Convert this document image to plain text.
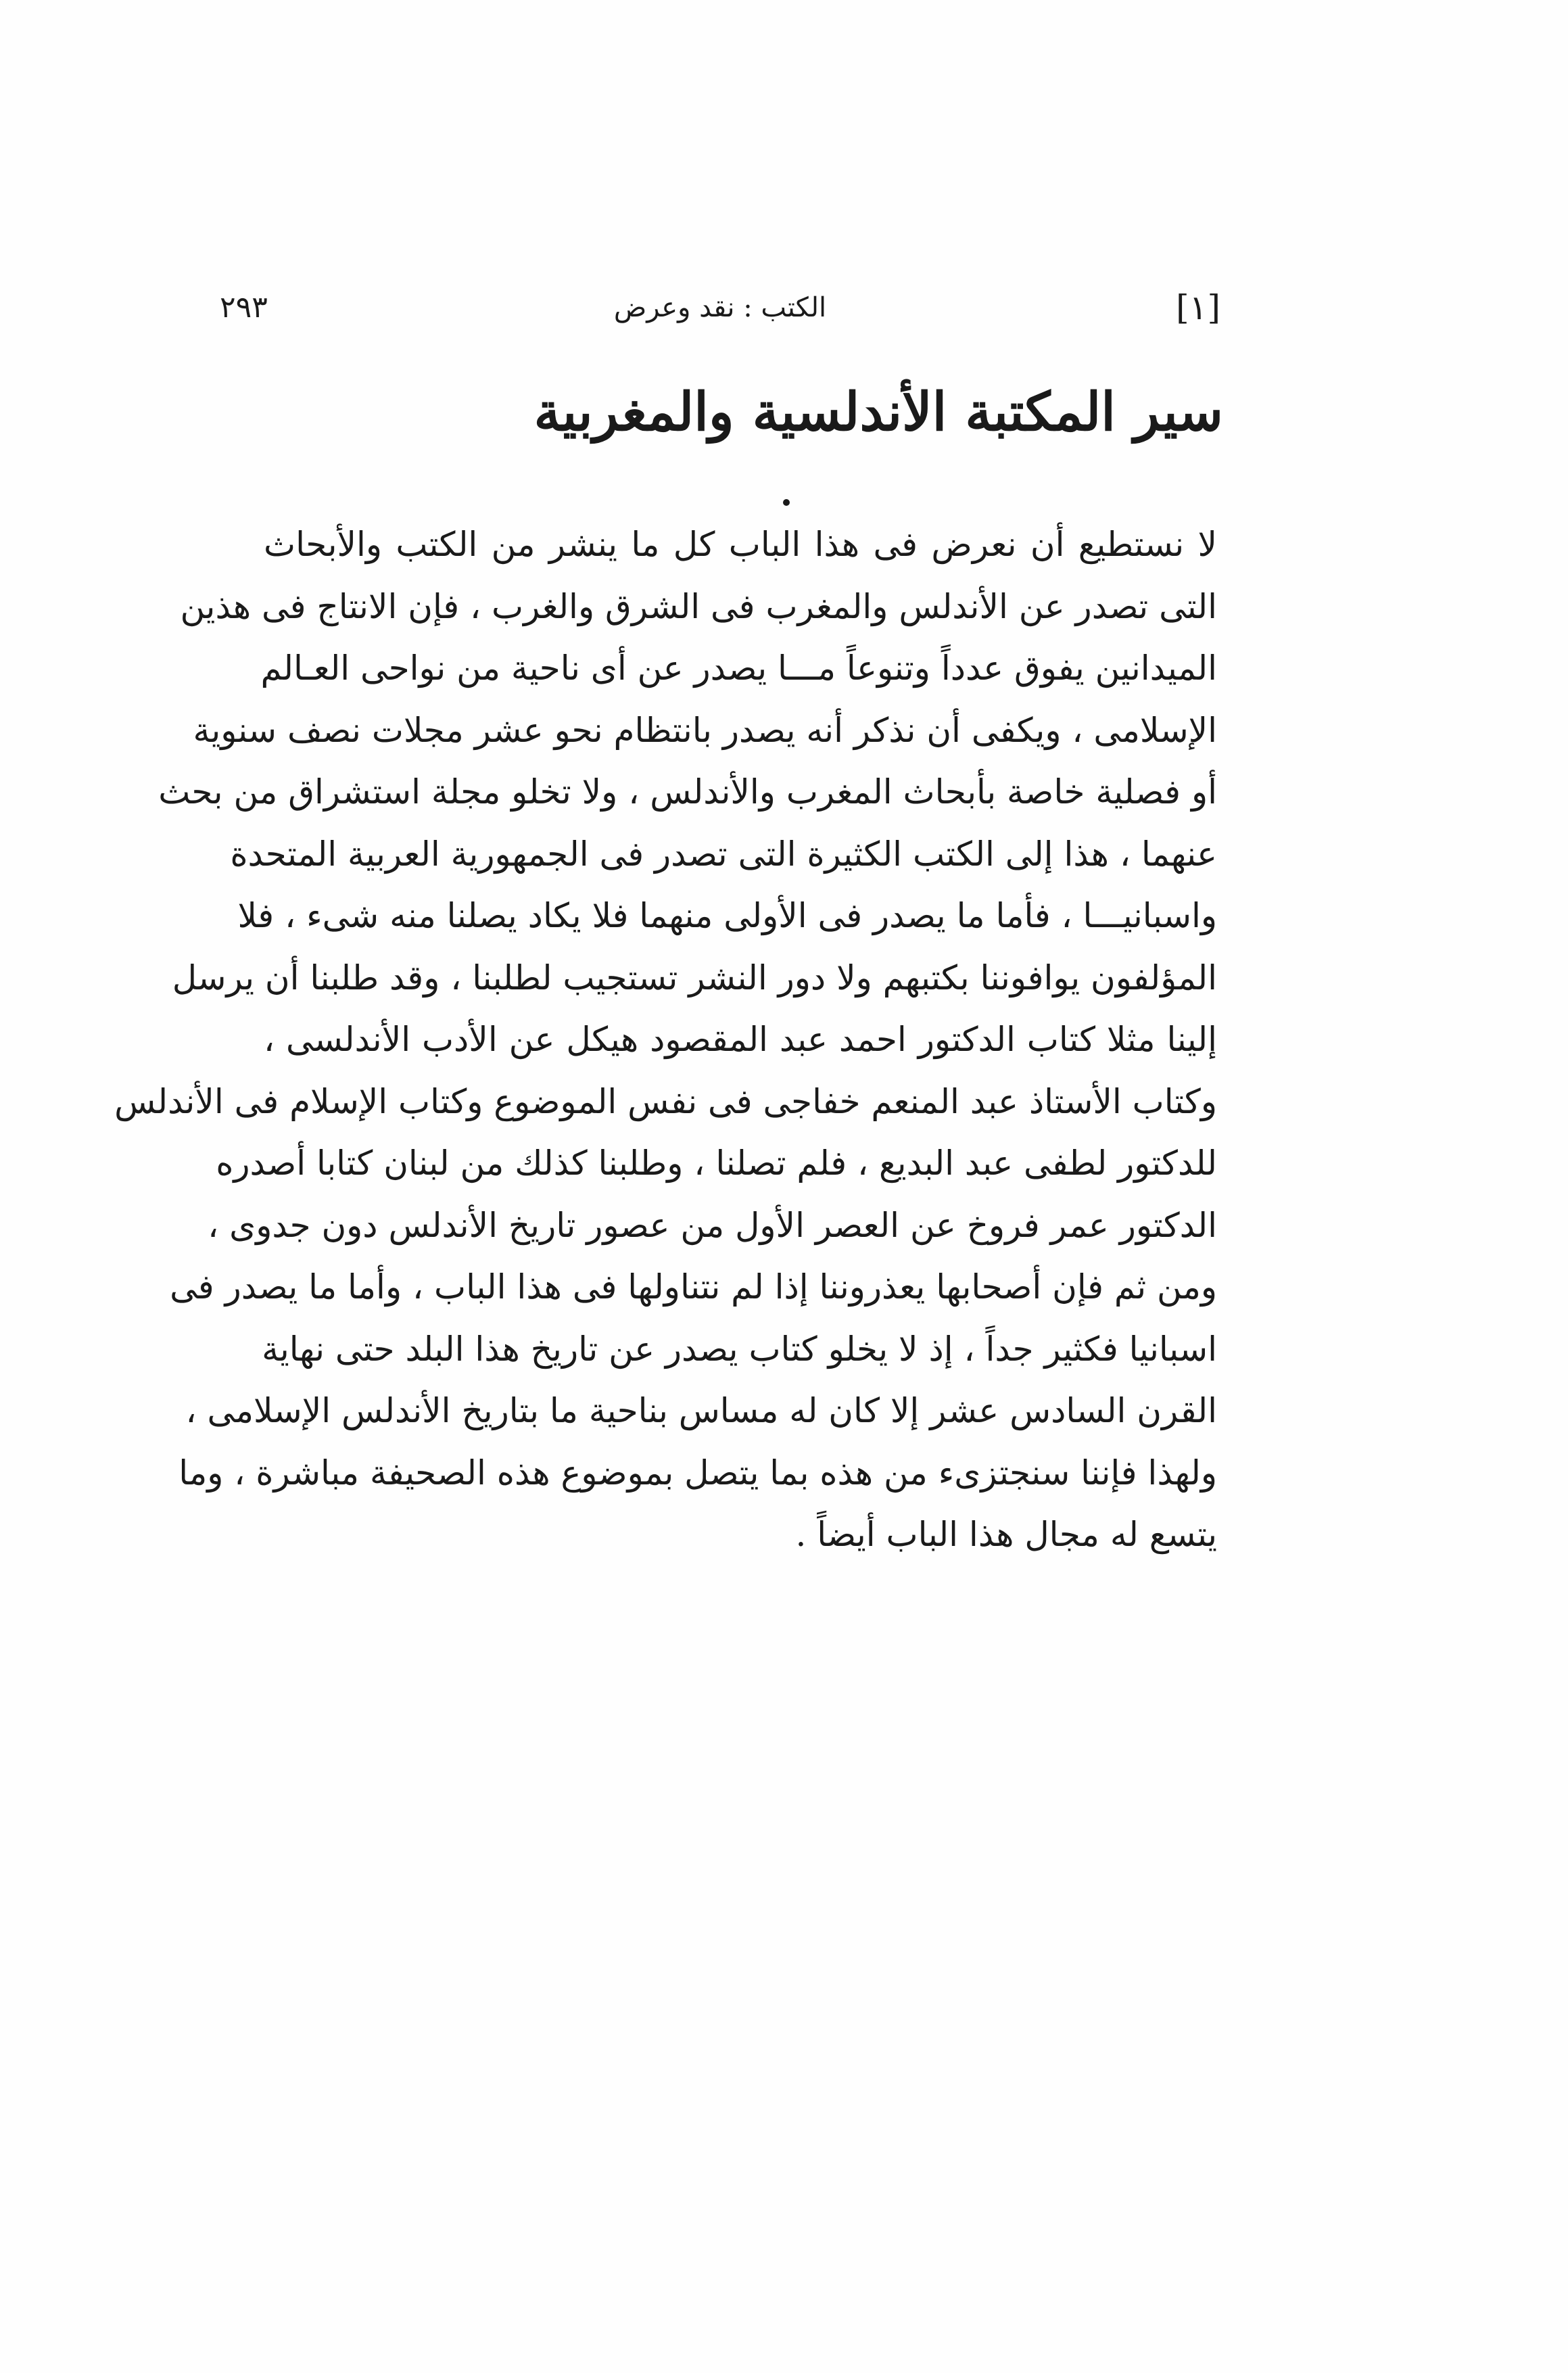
[١]
الكتب : نقد وعرض
٢٩٣
سير المكتبة الأندلسية والمغربية
لا نستطيع أن نعرض فى هذا الباب كل ما ينشر من الكتب والأبحاث
التى تصدر عن الأندلس والمغرب فى الشرق والغرب ، فإن الانتاج فى هذين
الميدانين يفوق عدداً وتنوعاً مـــا يصدر عن أى ناحية من نواحى العـالم
الإسلامى ، ويكفى أن نذكر أنه يصدر بانتظام نحو عشر مجلات نصف سنوية
أو فصلية خاصة بأبحاث المغرب والأندلس ، ولا تخلو مجلة استشراق من بحث
عنهما ، هذا إلى الكتب الكثيرة التى تصدر فى الجمهورية العربية المتحدة
واسبانيـــا ، فأما ما يصدر فى الأولى منهما فلا يكاد يصلنا منه شىء ، فلا
المؤلفون يوافوننا بكتبهم ولا دور النشر تستجيب لطلبنا ، وقد طلبنا أن يرسل
إلينا مثلا كتاب الدكتور احمد عبد المقصود هيكل عن الأدب الأندلسى ،
وكتاب الأستاذ عبد المنعم خفاجى فى نفس الموضوع وكتاب الإسلام فى الأندلس
للدكتور لطفى عبد البديع ، فلم تصلنا ، وطلبنا كذلك من لبنان كتابا أصدره
الدكتور عمر فروخ عن العصر الأول من عصور تاريخ الأندلس دون جدوى ،
ومن ثم فإن أصحابها يعذروننا إذا لم نتناولها فى هذا الباب ، وأما ما يصدر فى
اسبانيا فكثير جداً ، إذ لا يخلو كتاب يصدر عن تاريخ هذا البلد حتى نهاية
القرن السادس عشر إلا كان له مساس بناحية ما بتاريخ الأندلس الإسلامى ،
ولهذا فإننا سنجتزىء من هذه بما يتصل بموضوع هذه الصحيفة مباشرة ، وما
يتسع له مجال هذا الباب أيضاً .
